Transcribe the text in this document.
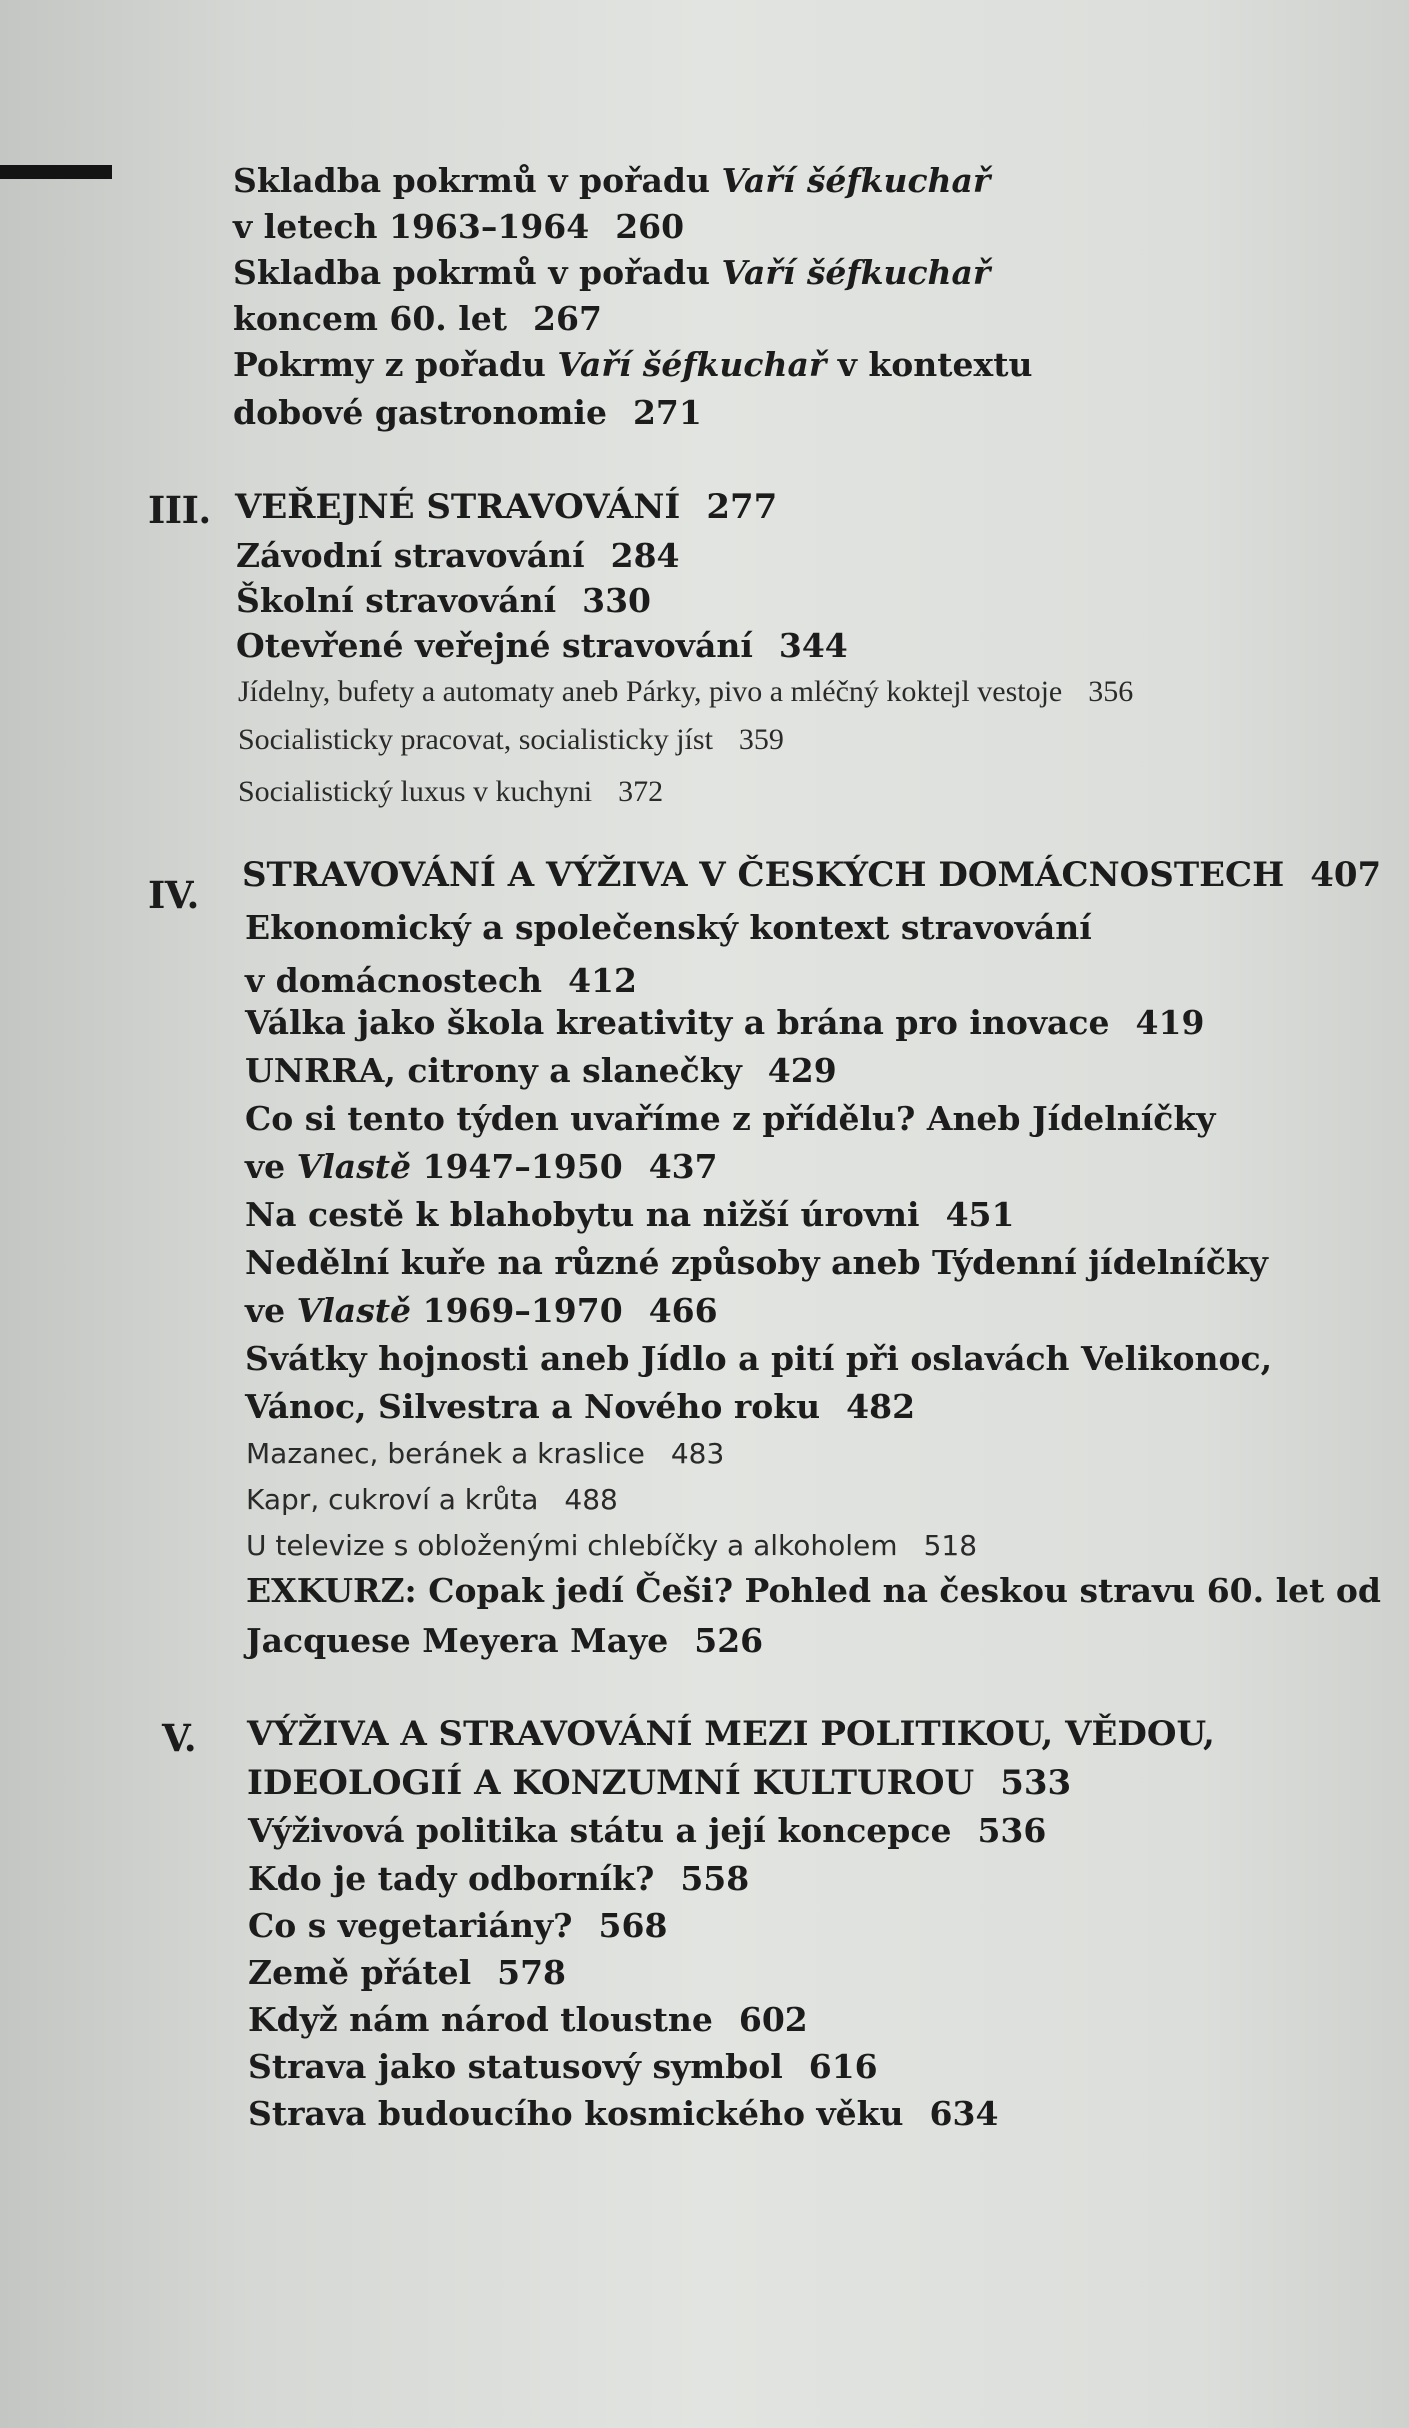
Skladba pokrmů v pořadu Vaří šéfkuchař
v letech 1963–1964 260
Skladba pokrmů v pořadu Vaří šéfkuchař
koncem 60. let 267
Pokrmy z pořadu Vaří šéfkuchař v kontextu
dobové gastronomie 271
III. VEŘEJNÉ STRAVOVÁNÍ 277
Závodní stravování 284
Školní stravování 330
Otevřené veřejné stravování 344
Jídelny, bufety a automaty aneb Párky, pivo a mléčný koktejl vestoje 356
Socialisticky pracovat, socialisticky jíst 359
Socialistický luxus v kuchyni 372
IV. STRAVOVÁNÍ A VÝŽIVA V ČESKÝCH DOMÁCNOSTECH 407
Ekonomický a společenský kontext stravování
v domácnostech 412
Válka jako škola kreativity a brána pro inovace 419
UNRRA, citrony a slanečky 429
Co si tento týden uvaříme z přídělu? Aneb Jídelníčky
ve Vlastě 1947–1950 437
Na cestě k blahobytu na nižší úrovni 451
Nedělní kuře na různé způsoby aneb Týdenní jídelníčky
ve Vlastě 1969–1970 466
Svátky hojnosti aneb Jídlo a pití při oslavách Velikonoc,
Vánoc, Silvestra a Nového roku 482
Mazanec, beránek a kraslice 483
Kapr, cukroví a krůta 488
U televize s obloženými chlebíčky a alkoholem 518
EXKURZ: Copak jedí Češi? Pohled na českou stravu 60. let od
Jacquese Meyera Maye 526
V. VÝŽIVA A STRAVOVÁNÍ MEZI POLITIKOU, VĚDOU,
IDEOLOGIÍ A KONZUMNÍ KULTUROU 533
Výživová politika státu a její koncepce 536
Kdo je tady odborník? 558
Co s vegetariány? 568
Země přátel 578
Když nám národ tloustne 602
Strava jako statusový symbol 616
Strava budoucího kosmického věku 634
